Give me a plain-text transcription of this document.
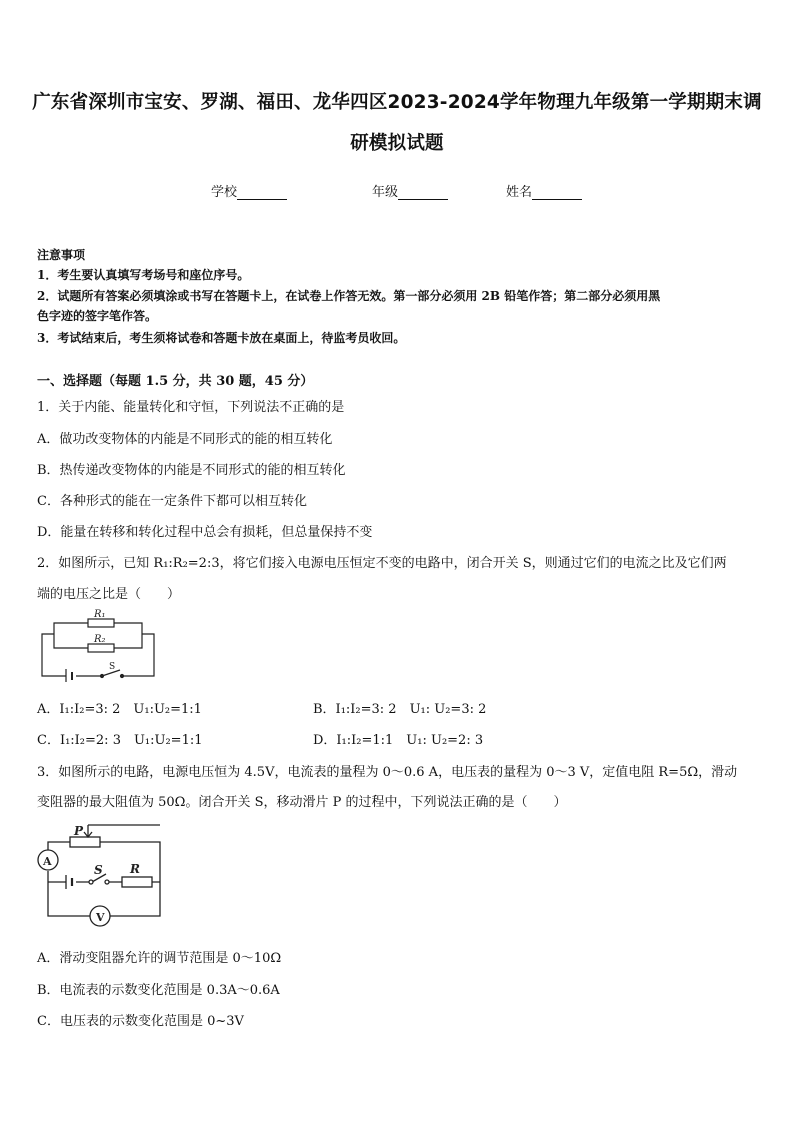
广东省深圳市宝安、罗湖、福田、龙华四区2023-2024学年物理九年级第一学期期末调
研模拟试题
学校	年级	姓名
注意事项
1．考生要认真填写考场号和座位序号。
2．试题所有答案必须填涂或书写在答题卡上，在试卷上作答无效。第一部分必须用 2B 铅笔作答；第二部分必须用黑
色字迹的签字笔作答。
3．考试结束后，考生须将试卷和答题卡放在桌面上，待监考员收回。
一、选择题（每题 1.5 分，共 30 题，45 分）
1．关于内能、能量转化和守恒，下列说法不正确的是
A．做功改变物体的内能是不同形式的能的相互转化
B．热传递改变物体的内能是不同形式的能的相互转化
C．各种形式的能在一定条件下都可以相互转化
D．能量在转移和转化过程中总会有损耗，但总量保持不变
2．如图所示，已知 R₁:R₂=2:3，将它们接入电源电压恒定不变的电路中，闭合开关 S，则通过它们的电流之比及它们两
端的电压之比是（　　）
R₁
R₂
S
A．I₁:I₂=3: 2　U₁:U₂=1:1	B．I₁:I₂=3: 2　U₁: U₂=3: 2
C．I₁:I₂=2: 3　U₁:U₂=1:1	D．I₁:I₂=1:1　U₁: U₂=2: 3
3．如图所示的电路，电源电压恒为 4.5V，电流表的量程为 0～0.6 A，电压表的量程为 0～3 V，定值电阻 R=5Ω，滑动
变阻器的最大阻值为 50Ω。闭合开关 S，移动滑片 P 的过程中，下列说法正确的是（　　）
P
A
S R
V
A．滑动变阻器允许的调节范围是 0～10Ω
B．电流表的示数变化范围是 0.3A～0.6A
C．电压表的示数变化范围是 0~3V
